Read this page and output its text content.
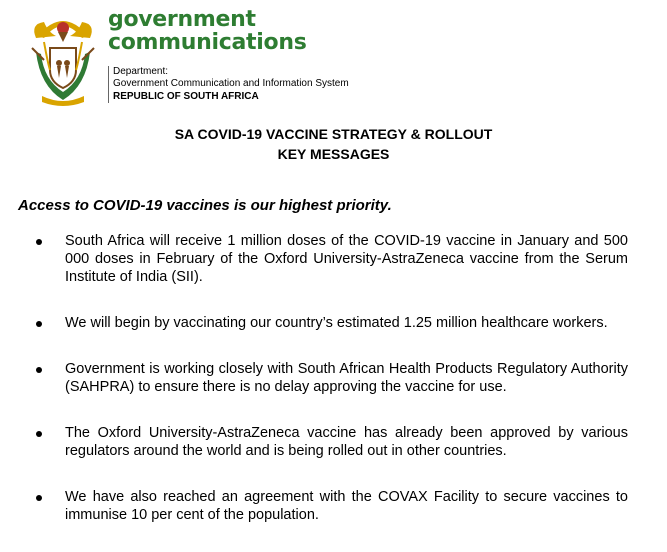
government
communications
Department:
Government Communication and Information System
REPUBLIC OF SOUTH AFRICA
SA COVID-19 VACCINE STRATEGY & ROLLOUT
KEY MESSAGES
Access to COVID-19 vaccines is our highest priority.
South Africa will receive 1 million doses of the COVID-19 vaccine in January and 500 000 doses in February of the Oxford University-AstraZeneca vaccine from the Serum Institute of India (SII).
We will begin by vaccinating our country’s estimated 1.25 million healthcare workers.
Government is working closely with South African Health Products Regulatory Authority (SAHPRA) to ensure there is no delay approving the vaccine for use.
The Oxford University-AstraZeneca vaccine has already been approved by various regulators around the world and is being rolled out in other countries.
We have also reached an agreement with the COVAX Facility to secure vaccines to immunise 10 per cent of the population.
